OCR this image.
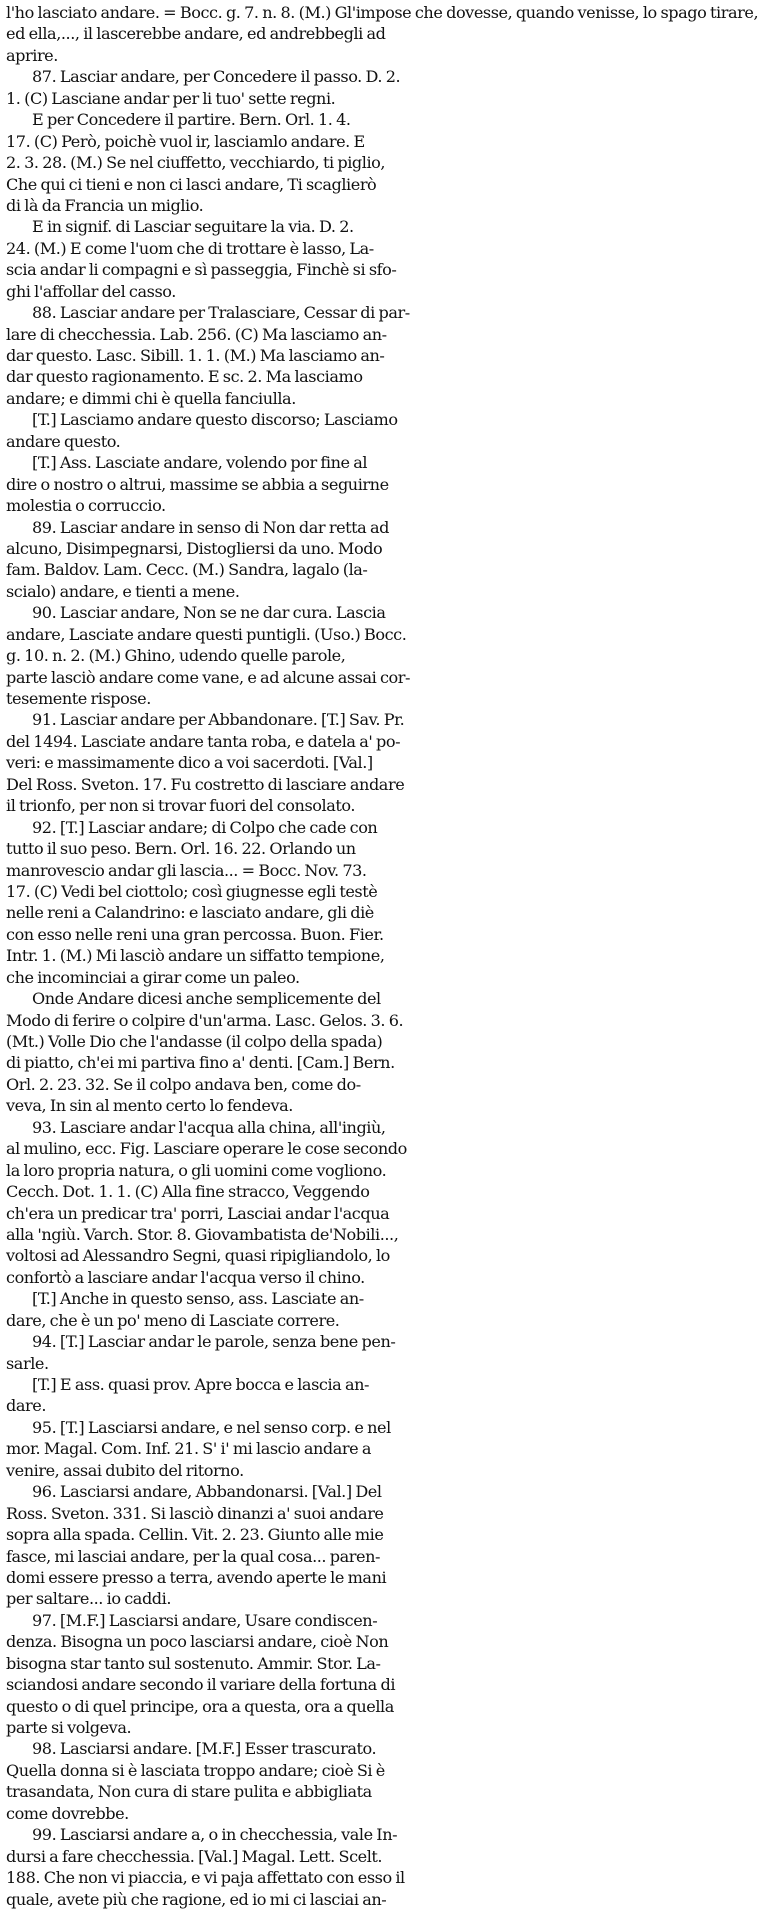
l'ho lasciato andare. = Bocc. g. 7. n. 8. (M.) Gl'impose che dovesse, quando venisse, lo spago tirare,
ed ella,..., il lascerebbe andare, ed andrebbegli ad
aprire.
87. Lasciar andare, per Concedere il passo. D. 2.
1. (C) Lasciane andar per li tuo' sette regni.
E per Concedere il partire. Bern. Orl. 1. 4.
17. (C) Però, poichè vuol ir, lasciamlo andare. E
2. 3. 28. (M.) Se nel ciuffetto, vecchiardo, ti piglio,
Che qui ci tieni e non ci lasci andare, Ti scaglierò
di là da Francia un miglio.
E in signif. di Lasciar seguitare la via. D. 2.
24. (M.) E come l'uom che di trottare è lasso, La-
scia andar li compagni e sì passeggia, Finchè si sfo-
ghi l'affollar del casso.
88. Lasciar andare per Tralasciare, Cessar di par-
lare di checchessia. Lab. 256. (C) Ma lasciamo an-
dar questo. Lasc. Sibill. 1. 1. (M.) Ma lasciamo an-
dar questo ragionamento. E sc. 2. Ma lasciamo
andare; e dimmi chi è quella fanciulla.
[T.] Lasciamo andare questo discorso; Lasciamo
andare questo.
[T.] Ass. Lasciate andare, volendo por fine al
dire o nostro o altrui, massime se abbia a seguirne
molestia o corruccio.
89. Lasciar andare in senso di Non dar retta ad
alcuno, Disimpegnarsi, Distogliersi da uno. Modo
fam. Baldov. Lam. Cecc. (M.) Sandra, lagalo (la-
scialo) andare, e tienti a mene.
90. Lasciar andare, Non se ne dar cura. Lascia
andare, Lasciate andare questi puntigli. (Uso.) Bocc.
g. 10. n. 2. (M.) Ghino, udendo quelle parole,
parte lasciò andare come vane, e ad alcune assai cor-
tesemente rispose.
91. Lasciar andare per Abbandonare. [T.] Sav. Pr.
del 1494. Lasciate andare tanta roba, e datela a' po-
veri: e massimamente dico a voi sacerdoti. [Val.]
Del Ross. Sveton. 17. Fu costretto di lasciare andare
il trionfo, per non si trovar fuori del consolato.
92. [T.] Lasciar andare; di Colpo che cade con
tutto il suo peso. Bern. Orl. 16. 22. Orlando un
manrovescio andar gli lascia... = Bocc. Nov. 73.
17. (C) Vedi bel ciottolo; così giugnesse egli testè
nelle reni a Calandrino: e lasciato andare, gli diè
con esso nelle reni una gran percossa. Buon. Fier.
Intr. 1. (M.) Mi lasciò andare un siffatto tempione,
che incominciai a girar come un paleo.
Onde Andare dicesi anche semplicemente del
Modo di ferire o colpire d'un'arma. Lasc. Gelos. 3. 6.
(Mt.) Volle Dio che l'andasse (il colpo della spada)
di piatto, ch'ei mi partiva fino a' denti. [Cam.] Bern.
Orl. 2. 23. 32. Se il colpo andava ben, come do-
veva, In sin al mento certo lo fendeva.
93. Lasciare andar l'acqua alla china, all'ingiù,
al mulino, ecc. Fig. Lasciare operare le cose secondo
la loro propria natura, o gli uomini come vogliono.
Cecch. Dot. 1. 1. (C) Alla fine stracco, Veggendo
ch'era un predicar tra' porri, Lasciai andar l'acqua
alla 'ngiù. Varch. Stor. 8. Giovambatista de'Nobili...,
voltosi ad Alessandro Segni, quasi ripigliandolo, lo
confortò a lasciare andar l'acqua verso il chino.
[T.] Anche in questo senso, ass. Lasciate an-
dare, che è un po' meno di Lasciate correre.
94. [T.] Lasciar andar le parole, senza bene pen-
sarle.
[T.] E ass. quasi prov. Apre bocca e lascia an-
dare.
95. [T.] Lasciarsi andare, e nel senso corp. e nel
mor. Magal. Com. Inf. 21. S' i' mi lascio andare a
venire, assai dubito del ritorno.
96. Lasciarsi andare, Abbandonarsi. [Val.] Del
Ross. Sveton. 331. Si lasciò dinanzi a' suoi andare
sopra alla spada. Cellin. Vit. 2. 23. Giunto alle mie
fasce, mi lasciai andare, per la qual cosa... paren-
domi essere presso a terra, avendo aperte le mani
per saltare... io caddi.
97. [M.F.] Lasciarsi andare, Usare condiscen-
denza. Bisogna un poco lasciarsi andare, cioè Non
bisogna star tanto sul sostenuto. Ammir. Stor. La-
sciandosi andare secondo il variare della fortuna di
questo o di quel principe, ora a questa, ora a quella
parte si volgeva.
98. Lasciarsi andare. [M.F.] Esser trascurato.
Quella donna si è lasciata troppo andare; cioè Si è
trasandata, Non cura di stare pulita e abbigliata
come dovrebbe.
99. Lasciarsi andare a, o in checchessia, vale In-
dursi a fare checchessia. [Val.] Magal. Lett. Scelt.
188. Che non vi piaccia, e vi paja affettato con esso il
quale, avete più che ragione, ed io mi ci lasciai an-
